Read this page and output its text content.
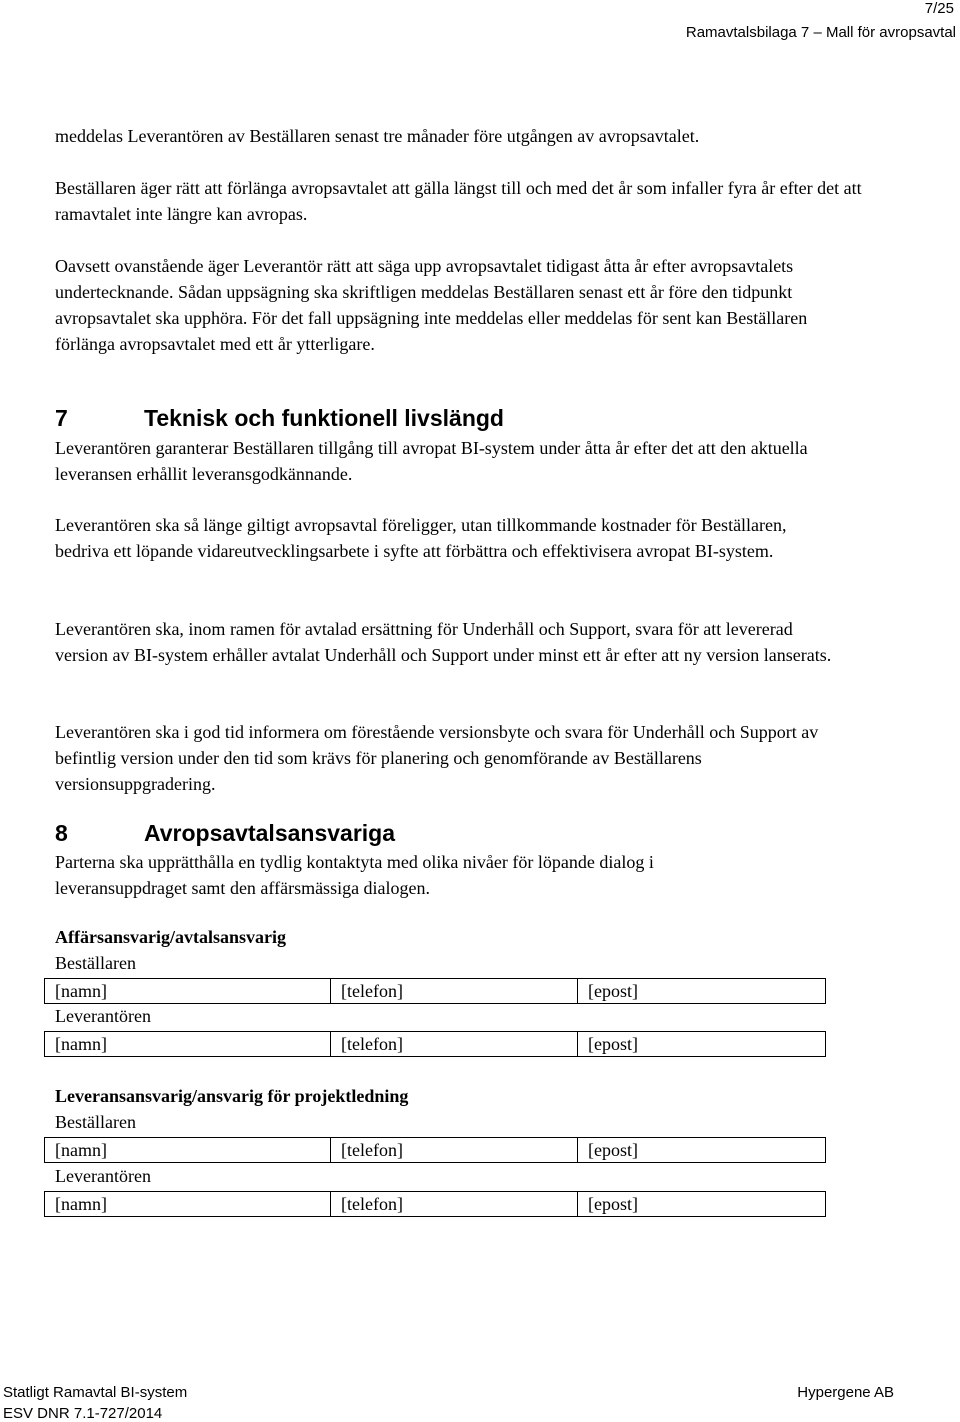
7/25
Ramavtalsbilaga 7 – Mall för avropsavtal

meddelas Leverantören av Beställaren senast tre månader före utgången av avropsavtalet.

Beställaren äger rätt att förlänga avropsavtalet att gälla längst till och med det år som infaller fyra år efter det att ramavtalet inte längre kan avropas.

Oavsett ovanstående äger Leverantör rätt att säga upp avropsavtalet tidigast åtta år efter avropsavtalets undertecknande. Sådan uppsägning ska skriftligen meddelas Beställaren senast ett år före den tidpunkt avropsavtalet ska upphöra. För det fall uppsägning inte meddelas eller meddelas för sent kan Beställaren förlänga avropsavtalet med ett år ytterligare.

7	Teknisk och funktionell livslängd

Leverantören garanterar Beställaren tillgång till avropat BI-system under åtta år efter det att den aktuella leveransen erhållit leveransgodkännande.

Leverantören ska så länge giltigt avropsavtal föreligger, utan tillkommande kostnader för Beställaren, bedriva ett löpande vidareutvecklingsarbete i syfte att förbättra och effektivisera avropat BI-system.

Leverantören ska, inom ramen för avtalad ersättning för Underhåll och Support, svara för att levererad version av BI-system erhåller avtalat Underhåll och Support under minst ett år efter att ny version lanserats.

Leverantören ska i god tid informera om förestående versionsbyte och svara för Underhåll och Support av befintlig version under den tid som krävs för planering och genomförande av Beställarens versionsuppgradering.

8	Avropsavtalsansvariga

Parterna ska upprätthålla en tydlig kontaktyta med olika nivåer för löpande dialog i leveransuppdraget samt den affärsmässiga dialogen.

Affärsansvarig/avtalsansvarig
Beställaren
[namn]	[telefon]	[epost]
Leverantören
[namn]	[telefon]	[epost]
Leveransansvarig/ansvarig för projektledning
Beställaren
[namn]	[telefon]	[epost]
Leverantören
[namn]	[telefon]	[epost]
Statligt Ramavtal BI-system
ESV DNR 7.1-727/2014
Hypergene AB
